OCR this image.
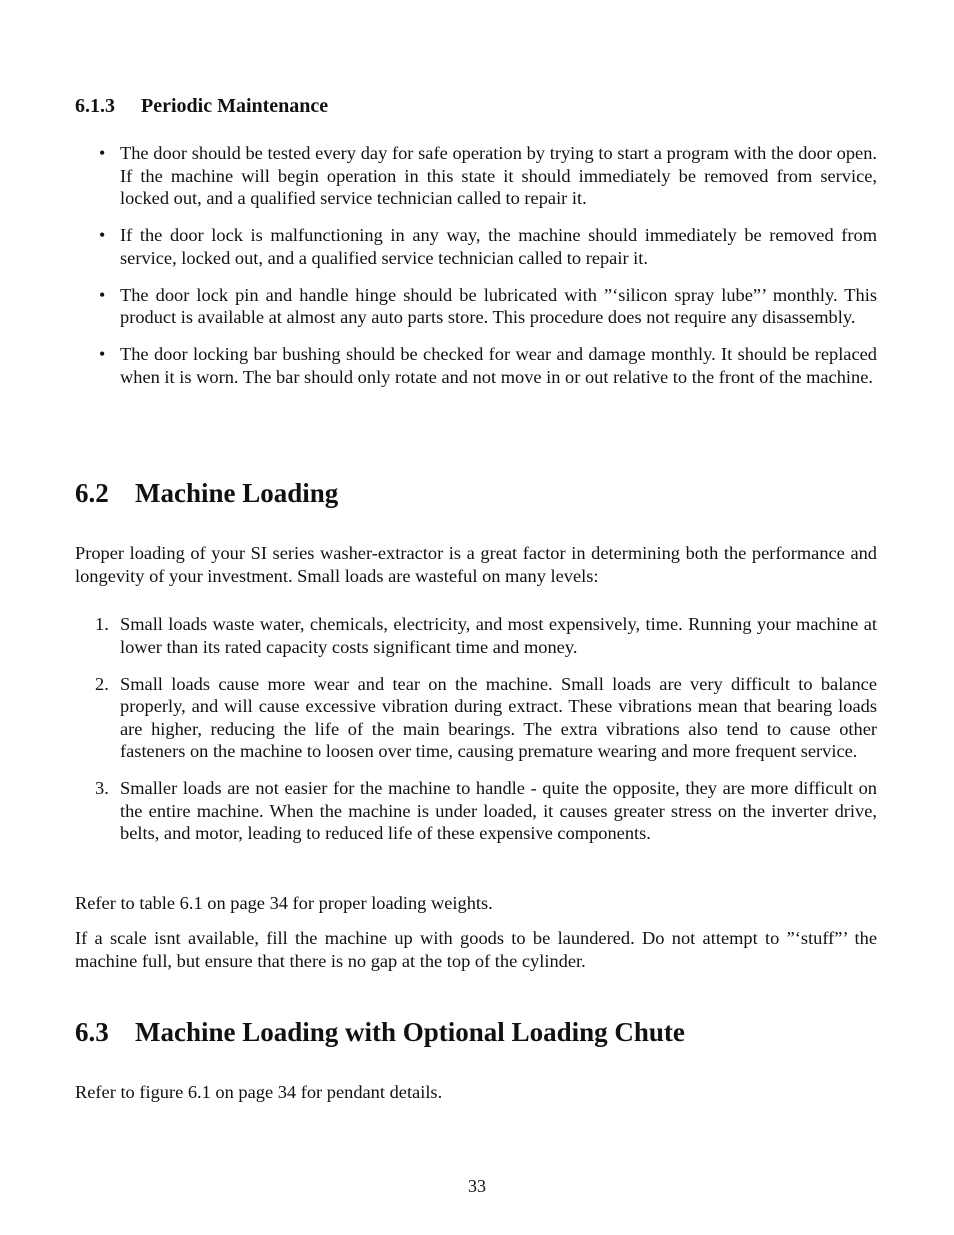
6.1.3 Periodic Maintenance
• The door should be tested every day for safe operation by trying to start a program with the door open. If the machine will begin operation in this state it should immediately be removed from service, locked out, and a qualified service technician called to repair it.
• If the door lock is malfunctioning in any way, the machine should immediately be removed from service, locked out, and a qualified service technician called to repair it.
• The door lock pin and handle hinge should be lubricated with ”‘silicon spray lube”’ monthly. This product is available at almost any auto parts store. This procedure does not require any disassembly.
• The door locking bar bushing should be checked for wear and damage monthly. It should be replaced when it is worn. The bar should only rotate and not move in or out relative to the front of the machine.
6.2 Machine Loading

Proper loading of your SI series washer-extractor is a great factor in determining both the performance and longevity of your investment. Small loads are wasteful on many levels:

1. Small loads waste water, chemicals, electricity, and most expensively, time. Running your machine at lower than its rated capacity costs significant time and money.
2. Small loads cause more wear and tear on the machine. Small loads are very difficult to balance properly, and will cause excessive vibration during extract. These vibrations mean that bearing loads are higher, reducing the life of the main bearings. The extra vibrations also tend to cause other fasteners on the machine to loosen over time, causing premature wearing and more frequent service.
3. Smaller loads are not easier for the machine to handle - quite the opposite, they are more difficult on the entire machine. When the machine is under loaded, it causes greater stress on the inverter drive, belts, and motor, leading to reduced life of these expensive components.

Refer to table 6.1 on page 34 for proper loading weights.

If a scale isnt available, fill the machine up with goods to be laundered. Do not attempt to ”‘stuff”’ the machine full, but ensure that there is no gap at the top of the cylinder.

6.3 Machine Loading with Optional Loading Chute

Refer to figure 6.1 on page 34 for pendant details.

33
